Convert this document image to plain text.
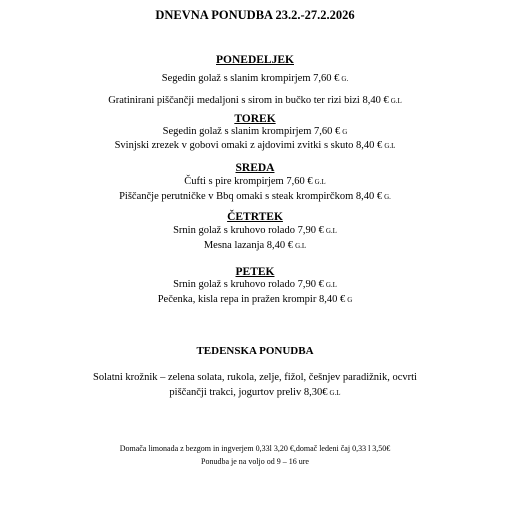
DNEVNA PONUDBA 23.2.-27.2.2026
PONEDELJEK
Segedin golaž s slanim krompirjem 7,60 € G.
Gratinirani piščančji medaljoni s sirom in bučko ter rizi bizi 8,40 € G.L
TOREK
Segedin golaž s slanim krompirjem 7,60 € G
Svinjski zrezek v gobovi omaki z ajdovimi zvitki s skuto 8,40 € G.L
SREDA
Čufti s pire krompirjem 7,60 € G.L
Piščančje perutničke v Bbq omaki s steak krompirčkom 8,40 € G.
ČETRTEK
Srnin golaž s kruhovo rolado 7,90 € G.L
Mesna lazanja 8,40 € G.L
PETEK
Srnin golaž s kruhovo rolado 7,90 € G.L
Pečenka, kisla repa in pražen krompir 8,40 € G
TEDENSKA PONUDBA
Solatni krožnik – zelena solata, rukola, zelje, fižol, češnjev paradižnik, ocvrti
piščančji trakci, jogurtov preliv 8,30€ G.L
Domača limonada z bezgom in ingverjem 0,33l 3,20 €,domač ledeni čaj 0,33 l 3,50€
Ponudba je na voljo od 9 – 16 ure
